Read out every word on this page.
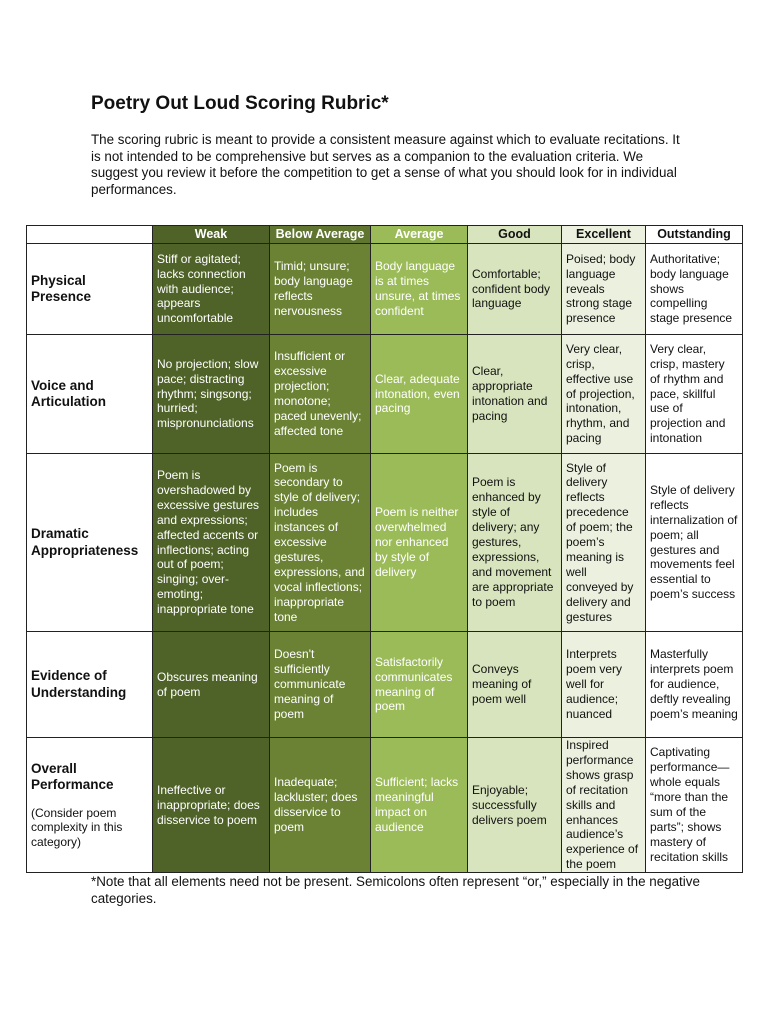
Poetry Out Loud Scoring Rubric*

The scoring rubric is meant to provide a consistent measure against which to evaluate recitations. It is not intended to be comprehensive but serves as a companion to the evaluation criteria. We suggest you review it before the competition to get a sense of what you should look for in individual performances.

	Weak	Below Average	Average	Good	Excellent	Outstanding
Physical Presence	Stiff or agitated; lacks connection with audience; appears uncomfortable	Timid; unsure; body language reflects nervousness	Body language is at times unsure, at times confident	Comfortable; confident body language	Poised; body language reveals strong stage presence	Authoritative; body language shows compelling stage presence
Voice and Articulation	No projection; slow pace; distracting rhythm; singsong; hurried; mispronunciations	Insufficient or excessive projection; monotone; paced unevenly; affected tone	Clear, adequate intonation, even pacing	Clear, appropriate intonation and pacing	Very clear, crisp, effective use of projection, intonation, rhythm, and pacing	Very clear, crisp, mastery of rhythm and pace, skillful use of projection and intonation
Dramatic Appropriateness	Poem is overshadowed by excessive gestures and expressions; affected accents or inflections; acting out of poem; singing; over-emoting; inappropriate tone	Poem is secondary to style of delivery; includes instances of excessive gestures, expressions, and vocal inflections; inappropriate tone	Poem is neither overwhelmed nor enhanced by style of delivery	Poem is enhanced by style of delivery; any gestures, expressions, and movement are appropriate to poem	Style of delivery reflects precedence of poem; the poem’s meaning is well conveyed by delivery and gestures	Style of delivery reflects internalization of poem; all gestures and movements feel essential to poem’s success
Evidence of Understanding	Obscures meaning of poem	Doesn't sufficiently communicate meaning of poem	Satisfactorily communicates meaning of poem	Conveys meaning of poem well	Interprets poem very well for audience; nuanced	Masterfully interprets poem for audience, deftly revealing poem’s meaning
Overall Performance
(Consider poem complexity in this category)	Ineffective or inappropriate; does disservice to poem	Inadequate; lackluster; does disservice to poem	Sufficient; lacks meaningful impact on audience	Enjoyable; successfully delivers poem	Inspired performance shows grasp of recitation skills and enhances audience’s experience of the poem	Captivating performance—whole equals “more than the sum of the parts”; shows mastery of recitation skills

*Note that all elements need not be present. Semicolons often represent “or,” especially in the negative categories.
